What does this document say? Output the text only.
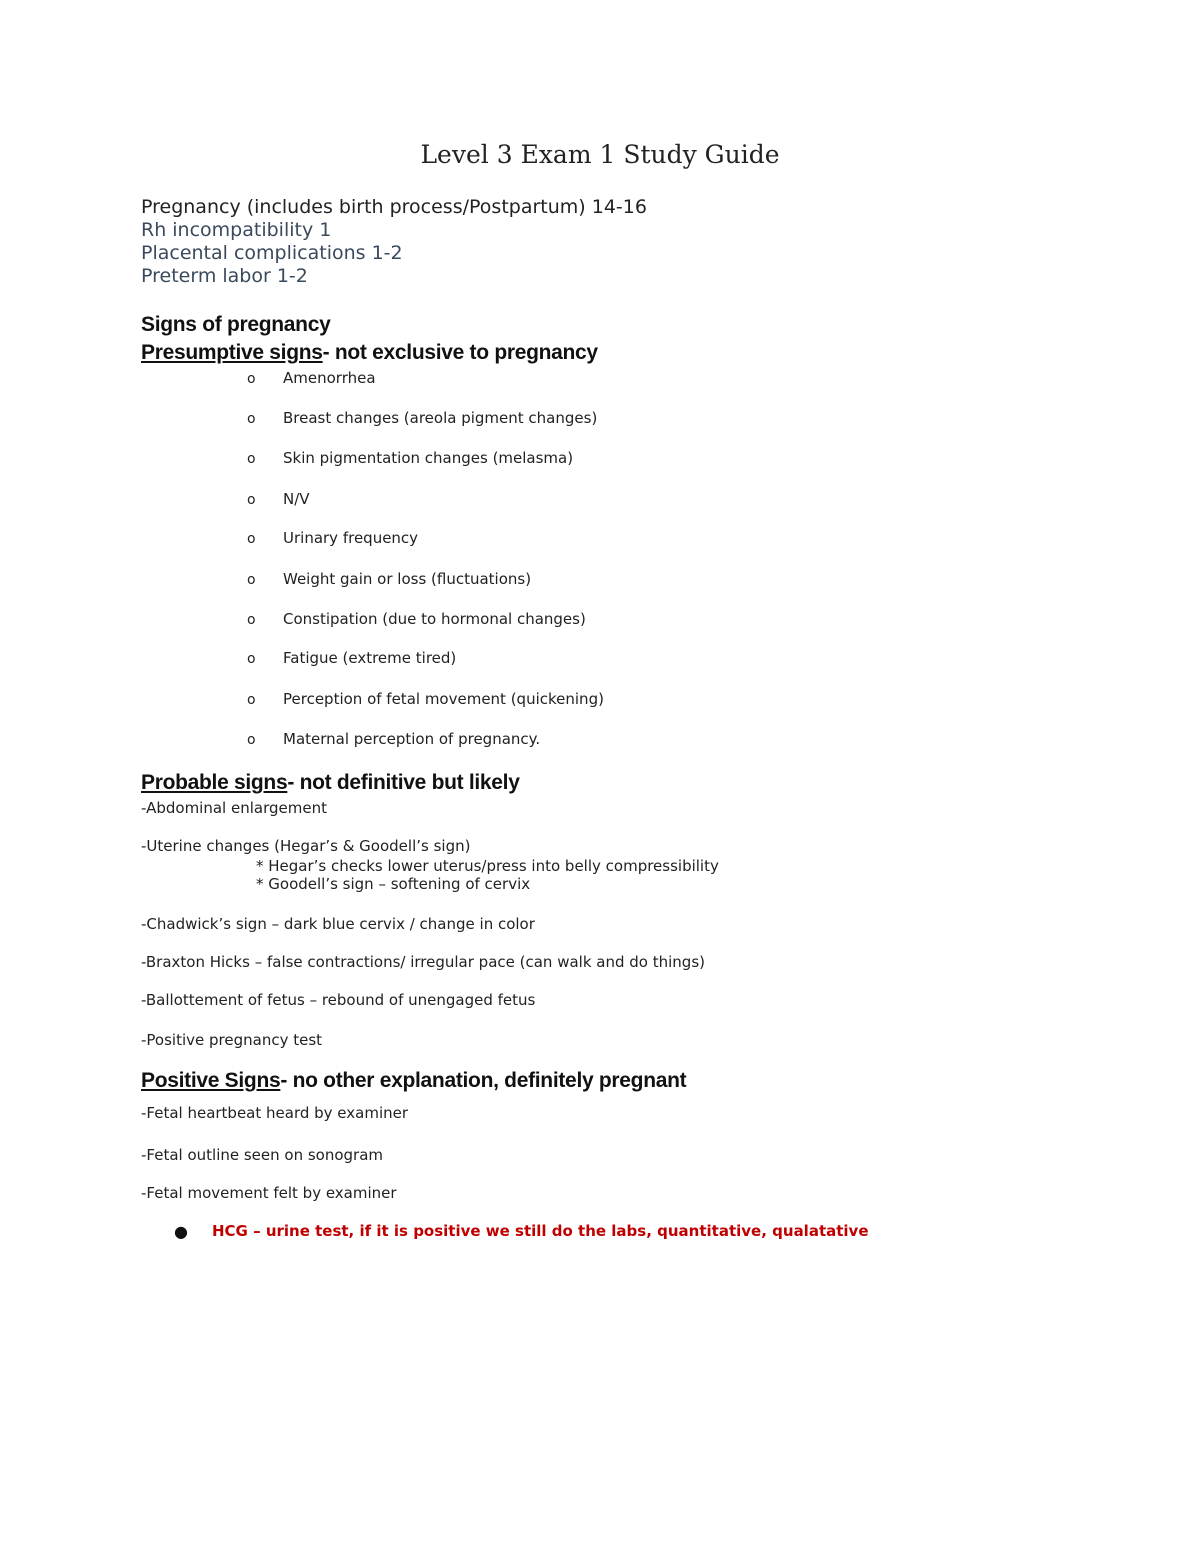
Level 3 Exam 1 Study Guide
Pregnancy (includes birth process/Postpartum) 14-16
Rh incompatibility 1
Placental complications 1-2
Preterm labor 1-2
Signs of pregnancy
Presumptive signs- not exclusive to pregnancy
o Amenorrhea
o Breast changes (areola pigment changes)
o Skin pigmentation changes (melasma)
o N/V
o Urinary frequency
o Weight gain or loss (fluctuations)
o Constipation (due to hormonal changes)
o Fatigue (extreme tired)
o Perception of fetal movement (quickening)
o Maternal perception of pregnancy.
Probable signs- not definitive but likely
-Abdominal enlargement
-Uterine changes (Hegar’s & Goodell’s sign)
* Hegar’s checks lower uterus/press into belly compressibility
* Goodell’s sign – softening of cervix
-Chadwick’s sign – dark blue cervix / change in color
-Braxton Hicks – false contractions/ irregular pace (can walk and do things)
-Ballottement of fetus – rebound of unengaged fetus
-Positive pregnancy test
Positive Signs- no other explanation, definitely pregnant
-Fetal heartbeat heard by examiner
-Fetal outline seen on sonogram
-Fetal movement felt by examiner
● HCG – urine test, if it is positive we still do the labs, quantitative, qualatative
